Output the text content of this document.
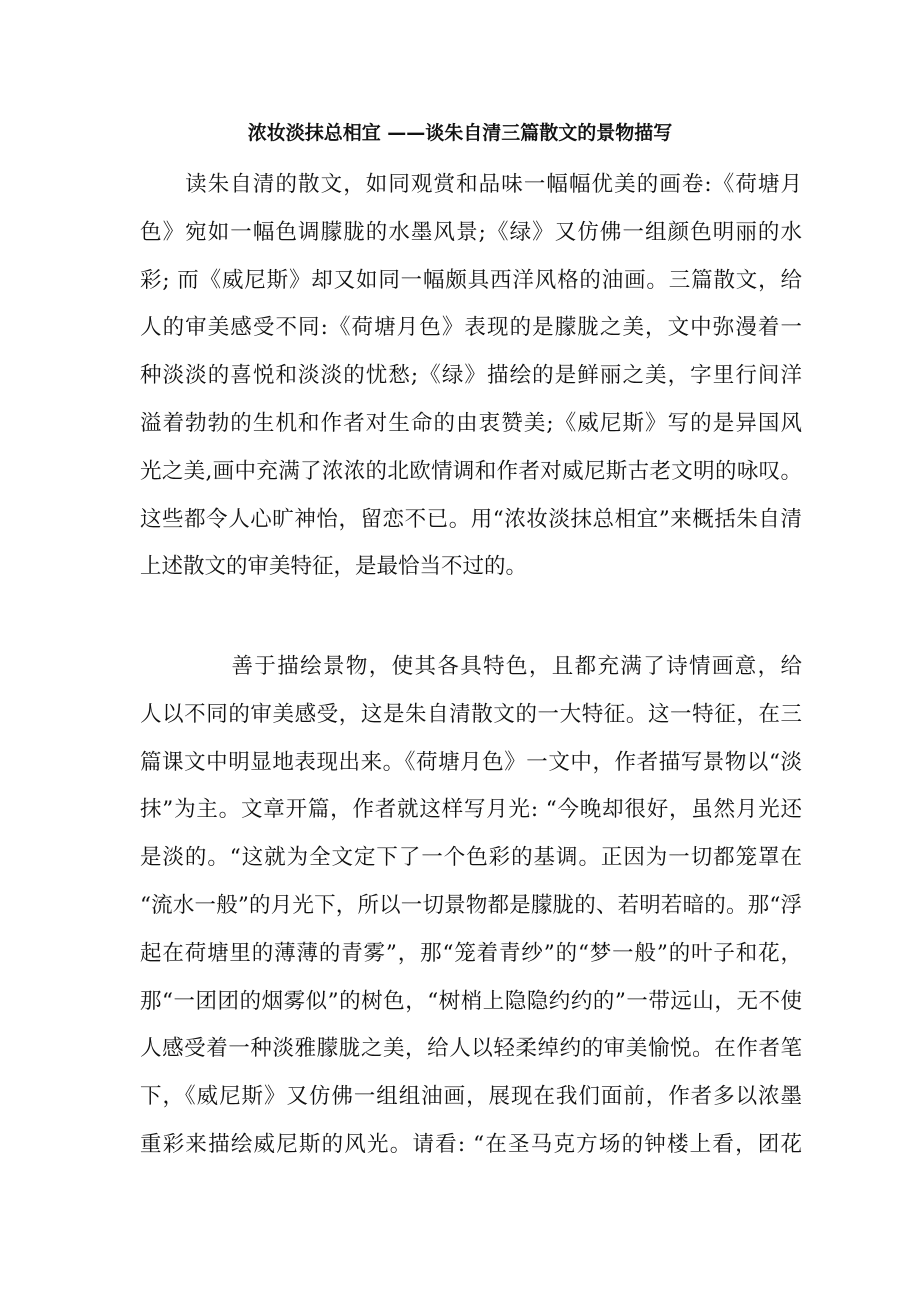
浓妆淡抹总相宜 ——谈朱自清三篇散文的景物描写
　　读朱自清的散文，如同观赏和品味一幅幅优美的画卷:《荷塘月
色》宛如一幅色调朦胧的水墨风景;《绿》又仿佛一组颜色明丽的水
彩; 而《威尼斯》却又如同一幅颇具西洋风格的油画。三篇散文，给
人的审美感受不同:《荷塘月色》表现的是朦胧之美，文中弥漫着一
种淡淡的喜悦和淡淡的忧愁;《绿》描绘的是鲜丽之美，字里行间洋
溢着勃勃的生机和作者对生命的由衷赞美;《威尼斯》写的是异国风
光之美,画中充满了浓浓的北欧情调和作者对威尼斯古老文明的咏叹。
这些都令人心旷神怡，留恋不已。用“浓妆淡抹总相宜”来概括朱自清
上述散文的审美特征，是最恰当不过的。
　　　　善于描绘景物，使其各具特色，且都充满了诗情画意，给
人以不同的审美感受，这是朱自清散文的一大特征。这一特征，在三
篇课文中明显地表现出来。《荷塘月色》一文中，作者描写景物以“淡
抹”为主。文章开篇，作者就这样写月光: “今晚却很好，虽然月光还
是淡的。“这就为全文定下了一个色彩的基调。正因为一切都笼罩在
“流水一般”的月光下，所以一切景物都是朦胧的、若明若暗的。那“浮
起在荷塘里的薄薄的青雾”，那“笼着青纱”的“梦一般”的叶子和花，
那“一团团的烟雾似”的树色，“树梢上隐隐约约的”一带远山，无不使
人感受着一种淡雅朦胧之美，给人以轻柔绰约的审美愉悦。在作者笔
下，《威尼斯》又仿佛一组组油画，展现在我们面前，作者多以浓墨
重彩来描绘威尼斯的风光。请看: “在圣马克方场的钟楼上看，团花
